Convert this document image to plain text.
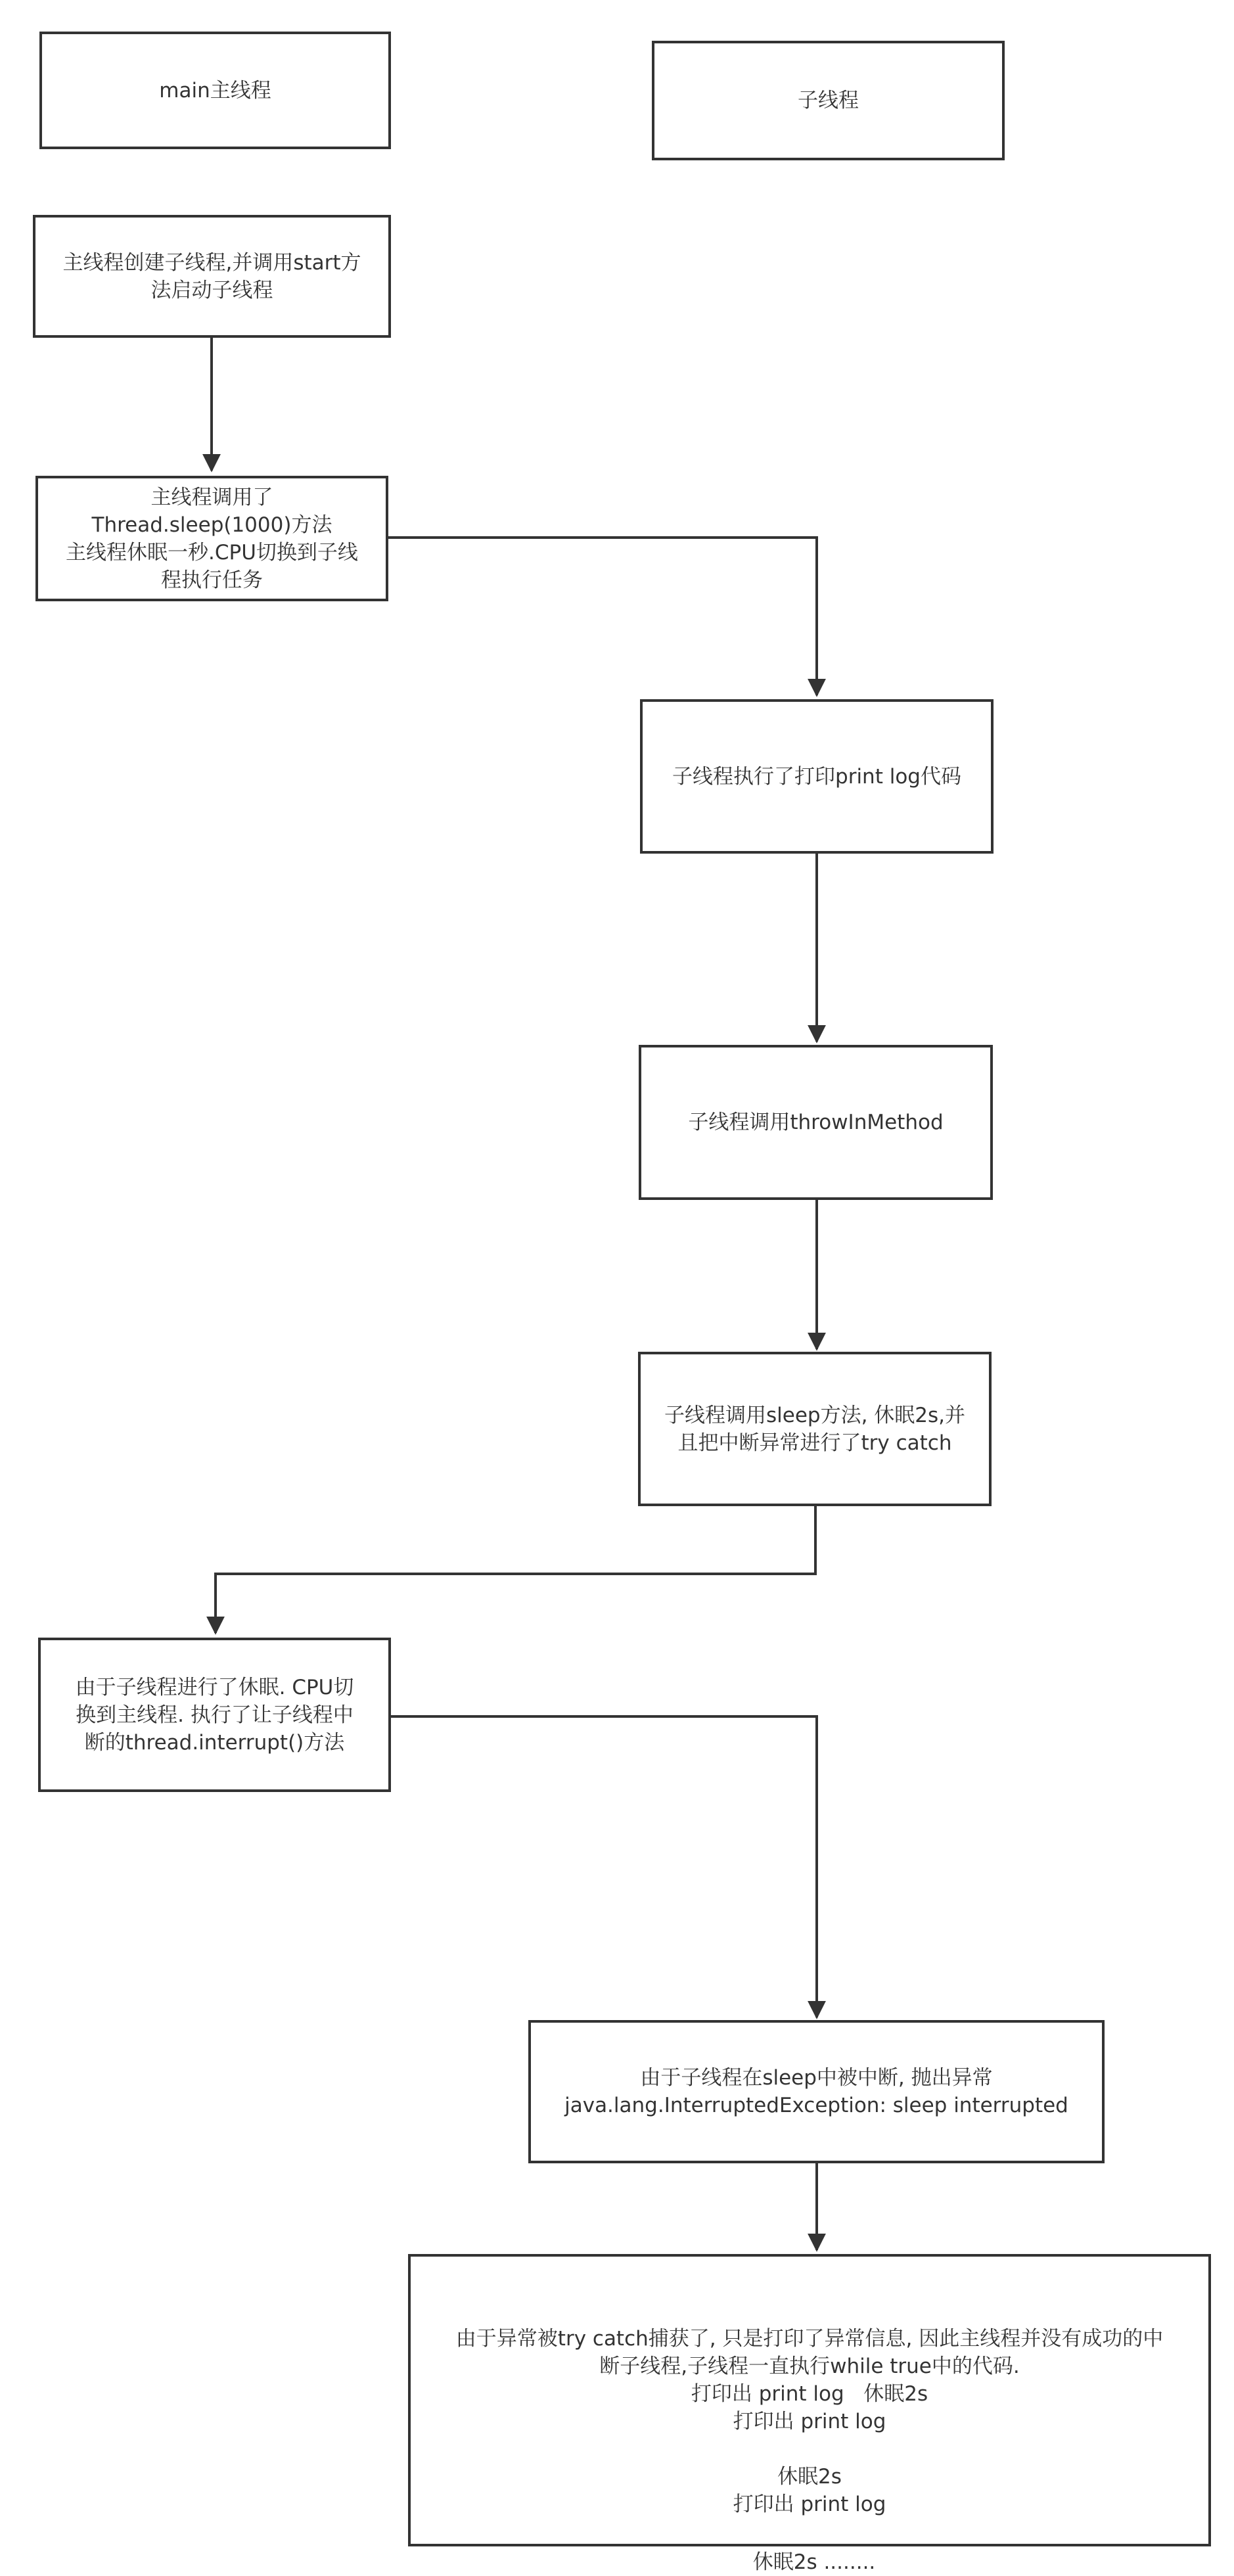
main主线程	子线程
主线程创建子线程,并调用start方
法启动子线程
主线程调用了
Thread.sleep(1000)方法
主线程休眠一秒.CPU切换到子线
程执行任务
子线程执行了打印print log代码
子线程调用throwInMethod
子线程调用sleep方法, 休眠2s,并
且把中断异常进行了try catch
由于子线程进行了休眠. CPU切
换到主线程. 执行了让子线程中
断的thread.interrupt()方法
由于子线程在sleep中被中断, 抛出异常
java.lang.InterruptedException: sleep interrupted
由于异常被try catch捕获了, 只是打印了异常信息, 因此主线程并没有成功的中
断子线程,子线程一直执行while true中的代码.
打印出 print log   休眠2s
打印出 print log

休眠2s
打印出 print log
休眠2s ........
